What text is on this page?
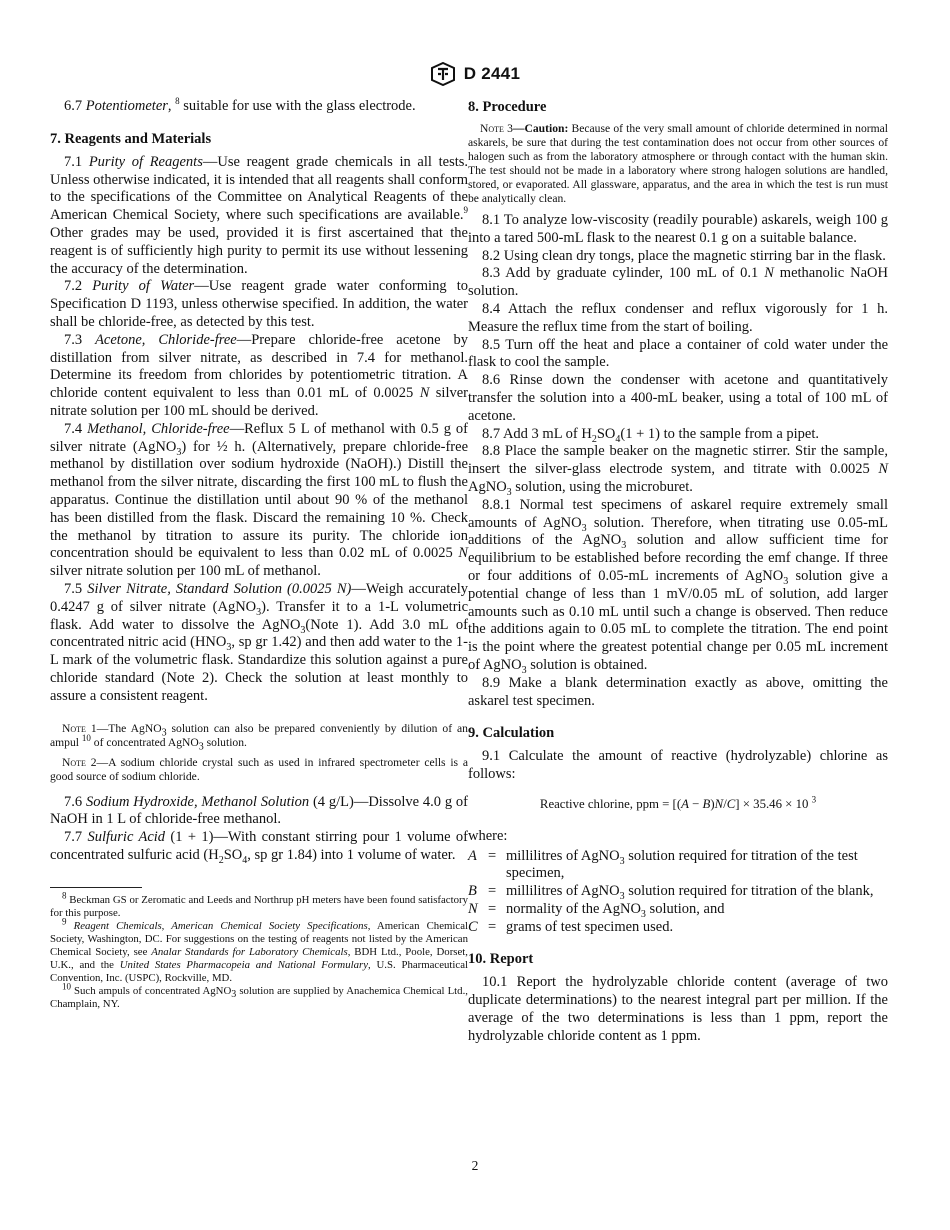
D 2441

6.7 Potentiometer, $^8$ suitable for use with the glass electrode.

7. Reagents and Materials

7.1 Purity of Reagents—Use reagent grade chemicals in all tests. Unless otherwise indicated, it is intended that all reagents shall conform to the specifications of the Committee on Analytical Reagents of the American Chemical Society, where such specifications are available.$^9$ Other grades may be used, provided it is first ascertained that the reagent is of sufficiently high purity to permit its use without lessening the accuracy of the determination.

7.2 Purity of Water—Use reagent grade water conforming to Specification D 1193, unless otherwise specified. In addition, the water shall be chloride-free, as detected by this test.

7.3 Acetone, Chloride-free—Prepare chloride-free acetone by distillation from silver nitrate, as described in 7.4 for methanol. Determine its freedom from chlorides by potentiometric titration. A chloride content equivalent to less than 0.01 mL of 0.0025 N silver nitrate solution per 100 mL should be derived.

7.4 Methanol, Chloride-free—Reflux 5 L of methanol with 0.5 g of silver nitrate (AgNO$_3$) for ½ h. (Alternatively, prepare chloride-free methanol by distillation over sodium hydroxide (NaOH).) Distill the methanol from the silver nitrate, discarding the first 100 mL to flush the apparatus. Continue the distillation until about 90 % of the methanol has been distilled from the flask. Discard the remaining 10 %. Check the methanol by titration to assure its purity. The chloride ion concentration should be equivalent to less than 0.02 mL of 0.0025 N silver nitrate solution per 100 mL of methanol.

7.5 Silver Nitrate, Standard Solution (0.0025 N)—Weigh accurately 0.4247 g of silver nitrate (AgNO$_3$). Transfer it to a 1-L volumetric flask. Add water to dissolve the AgNO$_3$(Note 1). Add 3.0 mL of concentrated nitric acid ($HNO_3$, sp gr 1.42) and then add water to the 1-L mark of the volumetric flask. Standardize this solution against a pure chloride standard (Note 2). Check the solution at least monthly to assure a consistent reagent.

Note 1—The AgNO$_3$ solution can also be prepared conveniently by dilution of an ampul $^{10}$ of concentrated AgNO$_3$ solution.

Note 2—A sodium chloride crystal such as used in infrared spectrometer cells is a good source of sodium chloride.

7.6 Sodium Hydroxide, Methanol Solution (4 g/L)—Dissolve 4.0 g of NaOH in 1 L of chloride-free methanol.

7.7 Sulfuric Acid (1 + 1)—With constant stirring pour 1 volume of concentrated sulfuric acid ($H_2SO_4$, sp gr 1.84) into 1 volume of water.

$^8$ Beckman GS or Zeromatic and Leeds and Northrup pH meters have been found satisfactory for this purpose.

$^9$ Reagent Chemicals, American Chemical Society Specifications, American Chemical Society, Washington, DC. For suggestions on the testing of reagents not listed by the American Chemical Society, see Analar Standards for Laboratory Chemicals, BDH Ltd., Poole, Dorset, U.K., and the United States Pharmacopeia and National Formulary, U.S. Pharmaceutical Convention, Inc. (USPC), Rockville, MD.

$^{10}$ Such ampuls of concentrated AgNO$_3$ solution are supplied by Anachemica Chemical Ltd., Champlain, NY.

8. Procedure

Note 3—Caution: Because of the very small amount of chloride determined in normal askarels, be sure that during the test contamination does not occur from other sources of halogen such as from the laboratory atmosphere or through contact with the human skin. The test should not be made in a laboratory where strong halogen solutions are handled, stored, or evaporated. All glassware, apparatus, and the area in which the test is run must be analytically clean.

8.1 To analyze low-viscosity (readily pourable) askarels, weigh 100 g into a tared 500-mL flask to the nearest 0.1 g on a suitable balance.

8.2 Using clean dry tongs, place the magnetic stirring bar in the flask.

8.3 Add by graduate cylinder, 100 mL of 0.1 N methanolic NaOH solution.

8.4 Attach the reflux condenser and reflux vigorously for 1 h. Measure the reflux time from the start of boiling.

8.5 Turn off the heat and place a container of cold water under the flask to cool the sample.

8.6 Rinse down the condenser with acetone and quantitatively transfer the solution into a 400-mL beaker, using a total of 100 mL of acetone.

8.7 Add 3 mL of $H_2SO_4(1 + 1)$ to the sample from a pipet.

8.8 Place the sample beaker on the magnetic stirrer. Stir the sample, insert the silver-glass electrode system, and titrate with 0.0025 N AgNO$_3$ solution, using the microburet.

8.8.1 Normal test specimens of askarel require extremely small amounts of AgNO$_3$ solution. Therefore, when titrating use 0.05-mL additions of the AgNO$_3$ solution and allow sufficient time for equilibrium to be established before recording the emf change. If three or four additions of 0.05-mL increments of AgNO$_3$ solution give a potential change of less than 1 mV/0.05 mL of solution, add larger amounts such as 0.10 mL until such a change is observed. Then reduce the additions again to 0.05 mL to complete the titration. The end point is the point where the greatest potential change per 0.05 mL increment of AgNO$_3$ solution is obtained.

8.9 Make a blank determination exactly as above, omitting the askarel test specimen.

9. Calculation

9.1 Calculate the amount of reactive (hydrolyzable) chlorine as follows:

Reactive chlorine, ppm = [(A − B)N/C] × 35.46 × 10 $^3$

where:

A = millilitres of AgNO$_3$ solution required for titration of the test specimen,
B = millilitres of AgNO$_3$ solution required for titration of the blank,
N = normality of the AgNO$_3$ solution, and
C = grams of test specimen used.
10. Report

10.1 Report the hydrolyzable chloride content (average of two duplicate determinations) to the nearest integral part per million. If the average of the two determinations is less than 1 ppm, report the hydrolyzable chloride content as 1 ppm.

2
